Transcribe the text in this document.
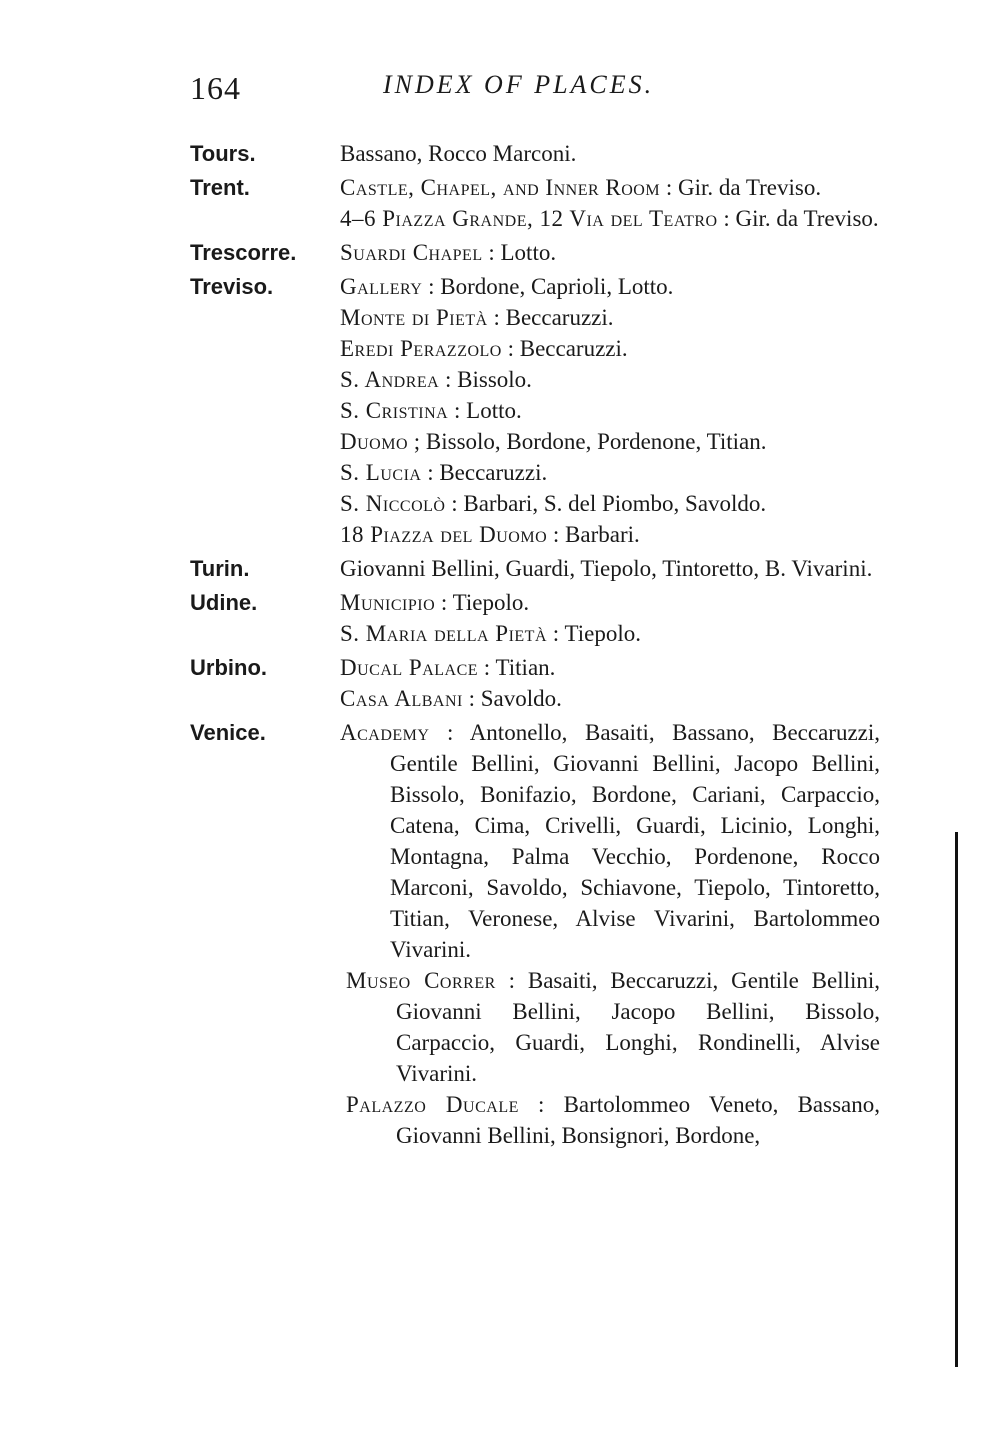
164	INDEX OF PLACES.
Tours.	Bassano, Rocco Marconi.
Trent.	Castle, Chapel, and Inner Room : Gir. da Treviso.
4–6 Piazza Grande, 12 Via del Teatro : Gir. da Treviso.
Trescorre. Suardi Chapel : Lotto.
Treviso.	Gallery : Bordone, Caprioli, Lotto.
Monte di Pietà : Beccaruzzi.
Eredi Perazzolo : Beccaruzzi.
S. Andrea : Bissolo.
S. Cristina : Lotto.
Duomo ; Bissolo, Bordone, Pordenone, Titian.
S. Lucia : Beccaruzzi.
S. Niccolò : Barbari, S. del Piombo, Savoldo.
18 Piazza del Duomo : Barbari.
Turin.	Giovanni Bellini, Guardi, Tiepolo, Tintoretto, B. Vivarini.
Udine.	Municipio : Tiepolo.
S. Maria della Pietà : Tiepolo.
Urbino.	Ducal Palace : Titian.
Casa Albani : Savoldo.
Venice.	Academy : Antonello, Basaiti, Bassano, Beccaruzzi, Gentile Bellini, Giovanni Bellini, Jacopo Bellini, Bissolo, Bonifazio, Bordone, Cariani, Carpaccio, Catena, Cima, Crivelli, Guardi, Licinio, Longhi, Montagna, Palma Vecchio, Pordenone, Rocco Marconi, Savoldo, Schiavone, Tiepolo, Tintoretto, Titian, Veronese, Alvise Vivarini, Bartolommeo Vivarini.
Museo Correr : Basaiti, Beccaruzzi, Gentile Bellini, Giovanni Bellini, Jacopo Bellini, Bissolo, Carpaccio, Guardi, Longhi, Rondinelli, Alvise Vivarini.
Palazzo Ducale : Bartolommeo Veneto, Bassano, Giovanni Bellini, Bonsignori, Bordone,
